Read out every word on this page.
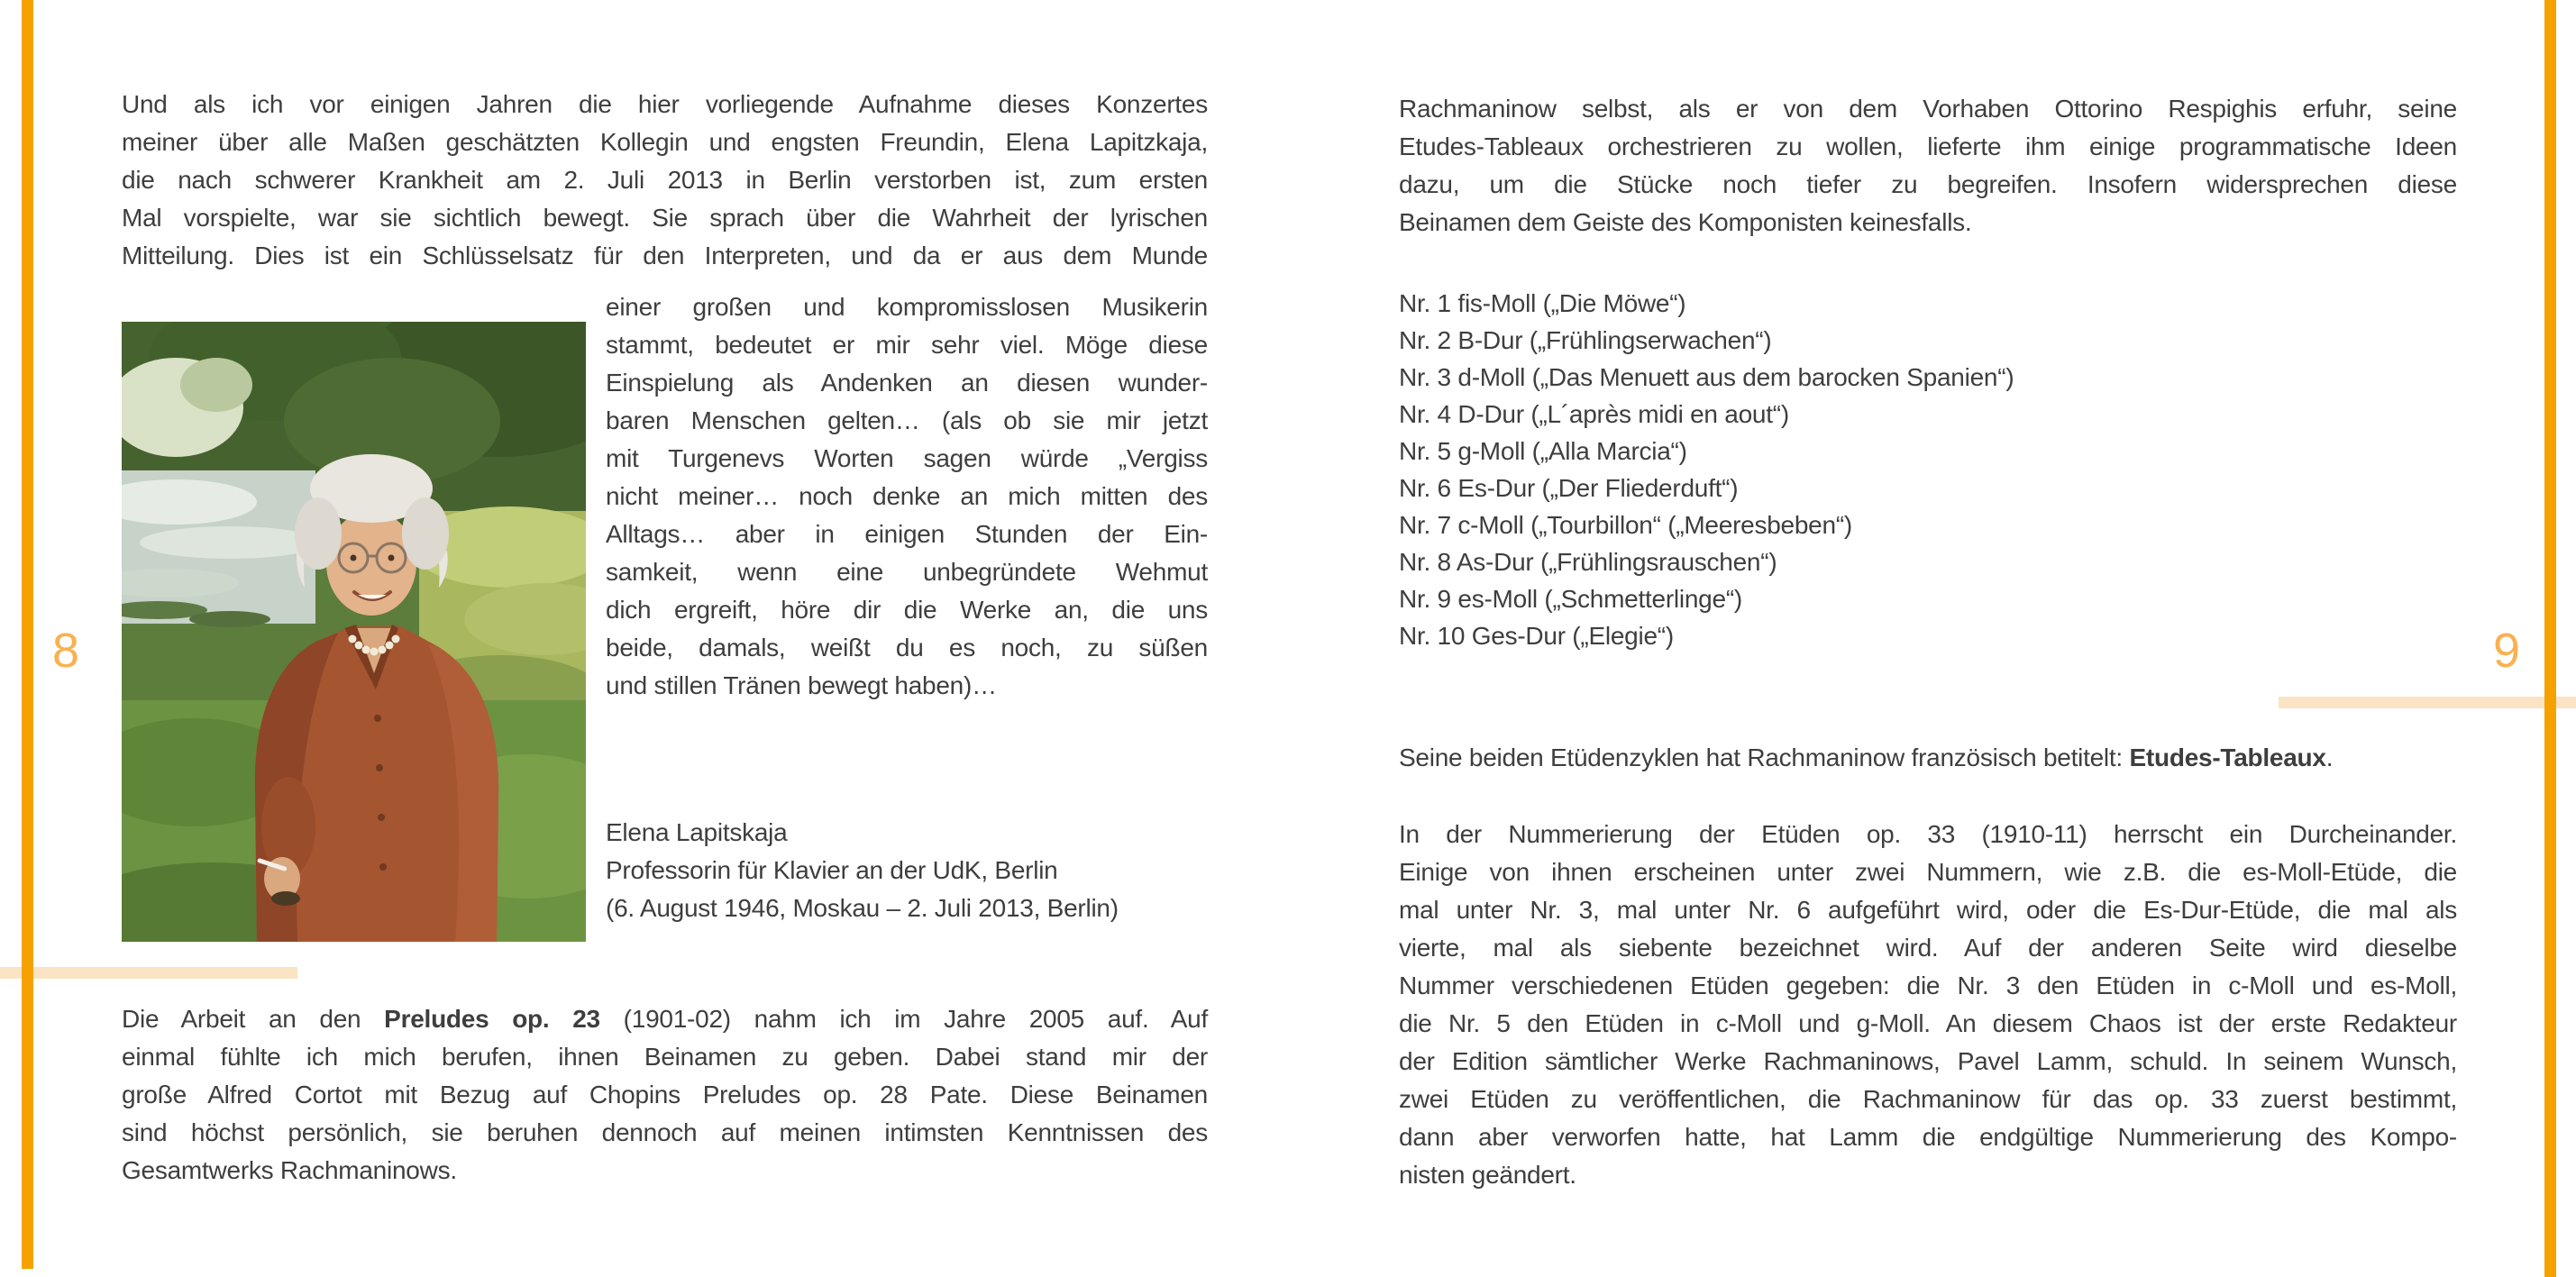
8	9
Und als ich vor einigen Jahren die hier vorliegende Aufnahme dieses Konzertes
meiner über alle Maßen geschätzten Kollegin und engsten Freundin, Elena Lapitzkaja,
die nach schwerer Krankheit am 2. Juli 2013 in Berlin verstorben ist, zum ersten
Mal vorspielte, war sie sichtlich bewegt. Sie sprach über die Wahrheit der lyrischen
Mitteilung. Dies ist ein Schlüsselsatz für den Interpreten, und da er aus dem Munde
einer großen und kompromisslosen Musikerin
stammt, bedeutet er mir sehr viel. Möge diese
Einspielung als Andenken an diesen wunder-
baren Menschen gelten… (als ob sie mir jetzt
mit Turgenevs Worten sagen würde „Vergiss
nicht meiner… noch denke an mich mitten des
Alltags… aber in einigen Stunden der Ein-
samkeit, wenn eine unbegründete Wehmut
dich ergreift, höre dir die Werke an, die uns
beide, damals, weißt du es noch, zu süßen
und stillen Tränen bewegt haben)…
Elena Lapitskaja
Professorin für Klavier an der UdK, Berlin
(6. August 1946, Moskau – 2. Juli 2013, Berlin)
Die Arbeit an den Preludes op. 23 (1901-02) nahm ich im Jahre 2005 auf. Auf
einmal fühlte ich mich berufen, ihnen Beinamen zu geben. Dabei stand mir der
große Alfred Cortot mit Bezug auf Chopins Preludes op. 28 Pate. Diese Beinamen
sind höchst persönlich, sie beruhen dennoch auf meinen intimsten Kenntnissen des
Gesamtwerks Rachmaninows.
Rachmaninow selbst, als er von dem Vorhaben Ottorino Respighis erfuhr, seine
Etudes-Tableaux orchestrieren zu wollen, lieferte ihm einige programmatische Ideen
dazu, um die Stücke noch tiefer zu begreifen. Insofern widersprechen diese
Beinamen dem Geiste des Komponisten keinesfalls.
Nr. 1 fis-Moll („Die Möwe“)
Nr. 2 B-Dur („Frühlingserwachen“)
Nr. 3 d-Moll („Das Menuett aus dem barocken Spanien“)
Nr. 4 D-Dur („L´après midi en aout“)
Nr. 5 g-Moll („Alla Marcia“)
Nr. 6 Es-Dur („Der Fliederduft“)
Nr. 7 c-Moll („Tourbillon“ („Meeresbeben“)
Nr. 8 As-Dur („Frühlingsrauschen“)
Nr. 9 es-Moll („Schmetterlinge“)
Nr. 10 Ges-Dur („Elegie“)
Seine beiden Etüdenzyklen hat Rachmaninow französisch betitelt: Etudes-Tableaux.
In der Nummerierung der Etüden op. 33 (1910-11) herrscht ein Durcheinander.
Einige von ihnen erscheinen unter zwei Nummern, wie z.B. die es-Moll-Etüde, die
mal unter Nr. 3, mal unter Nr. 6 aufgeführt wird, oder die Es-Dur-Etüde, die mal als
vierte, mal als siebente bezeichnet wird. Auf der anderen Seite wird dieselbe
Nummer verschiedenen Etüden gegeben: die Nr. 3 den Etüden in c-Moll und es-Moll,
die Nr. 5 den Etüden in c-Moll und g-Moll. An diesem Chaos ist der erste Redakteur
der Edition sämtlicher Werke Rachmaninows, Pavel Lamm, schuld. In seinem Wunsch,
zwei Etüden zu veröffentlichen, die Rachmaninow für das op. 33 zuerst bestimmt,
dann aber verworfen hatte, hat Lamm die endgültige Nummerierung des Kompo-
nisten geändert.
